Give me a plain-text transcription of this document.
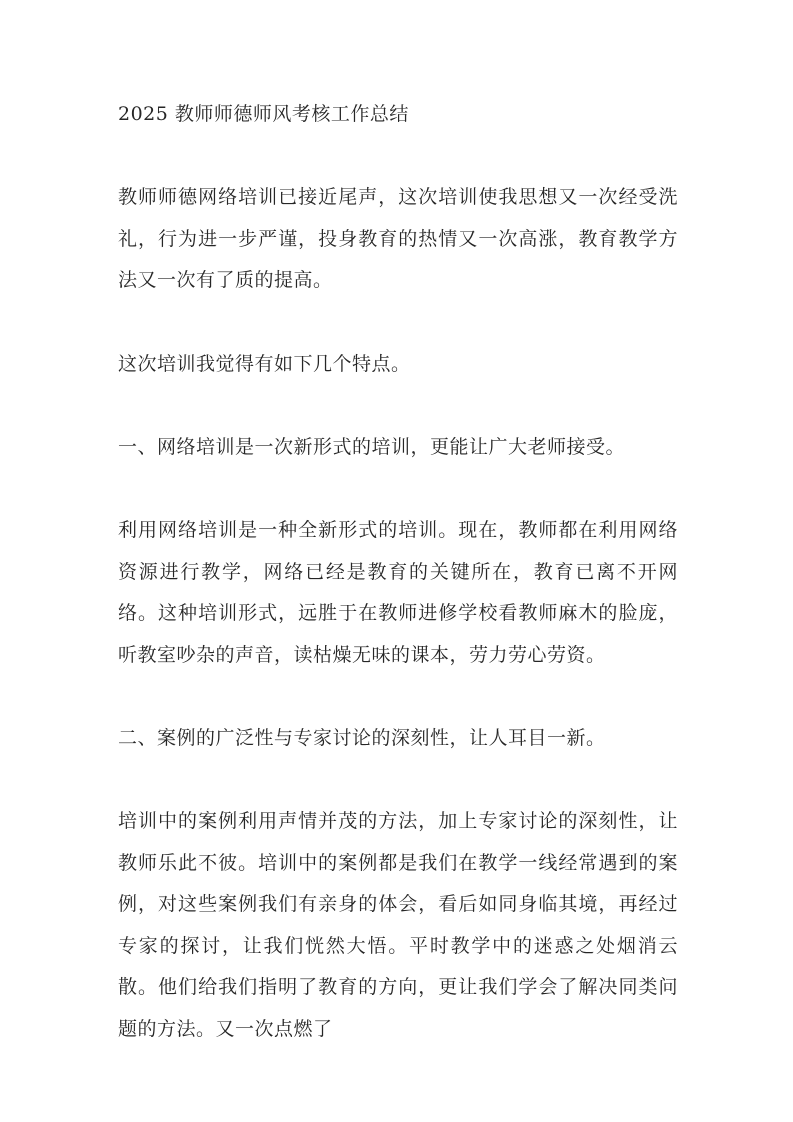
2025 教师师德师风考核工作总结

教师师德网络培训已接近尾声，这次培训使我思想又一次经受洗礼，行为进一步严谨，投身教育的热情又一次高涨，教育教学方法又一次有了质的提高。

这次培训我觉得有如下几个特点。

一、网络培训是一次新形式的培训，更能让广大老师接受。

利用网络培训是一种全新形式的培训。现在，教师都在利用网络资源进行教学，网络已经是教育的关键所在，教育已离不开网络。这种培训形式，远胜于在教师进修学校看教师麻木的脸庞，听教室吵杂的声音，读枯燥无味的课本，劳力劳心劳资。

二、案例的广泛性与专家讨论的深刻性，让人耳目一新。

培训中的案例利用声情并茂的方法，加上专家讨论的深刻性，让教师乐此不彼。培训中的案例都是我们在教学一线经常遇到的案例，对这些案例我们有亲身的体会，看后如同身临其境，再经过专家的探讨，让我们恍然大悟。平时教学中的迷惑之处烟消云散。他们给我们指明了教育的方向，更让我们学会了解决同类问题的方法。又一次点燃了
